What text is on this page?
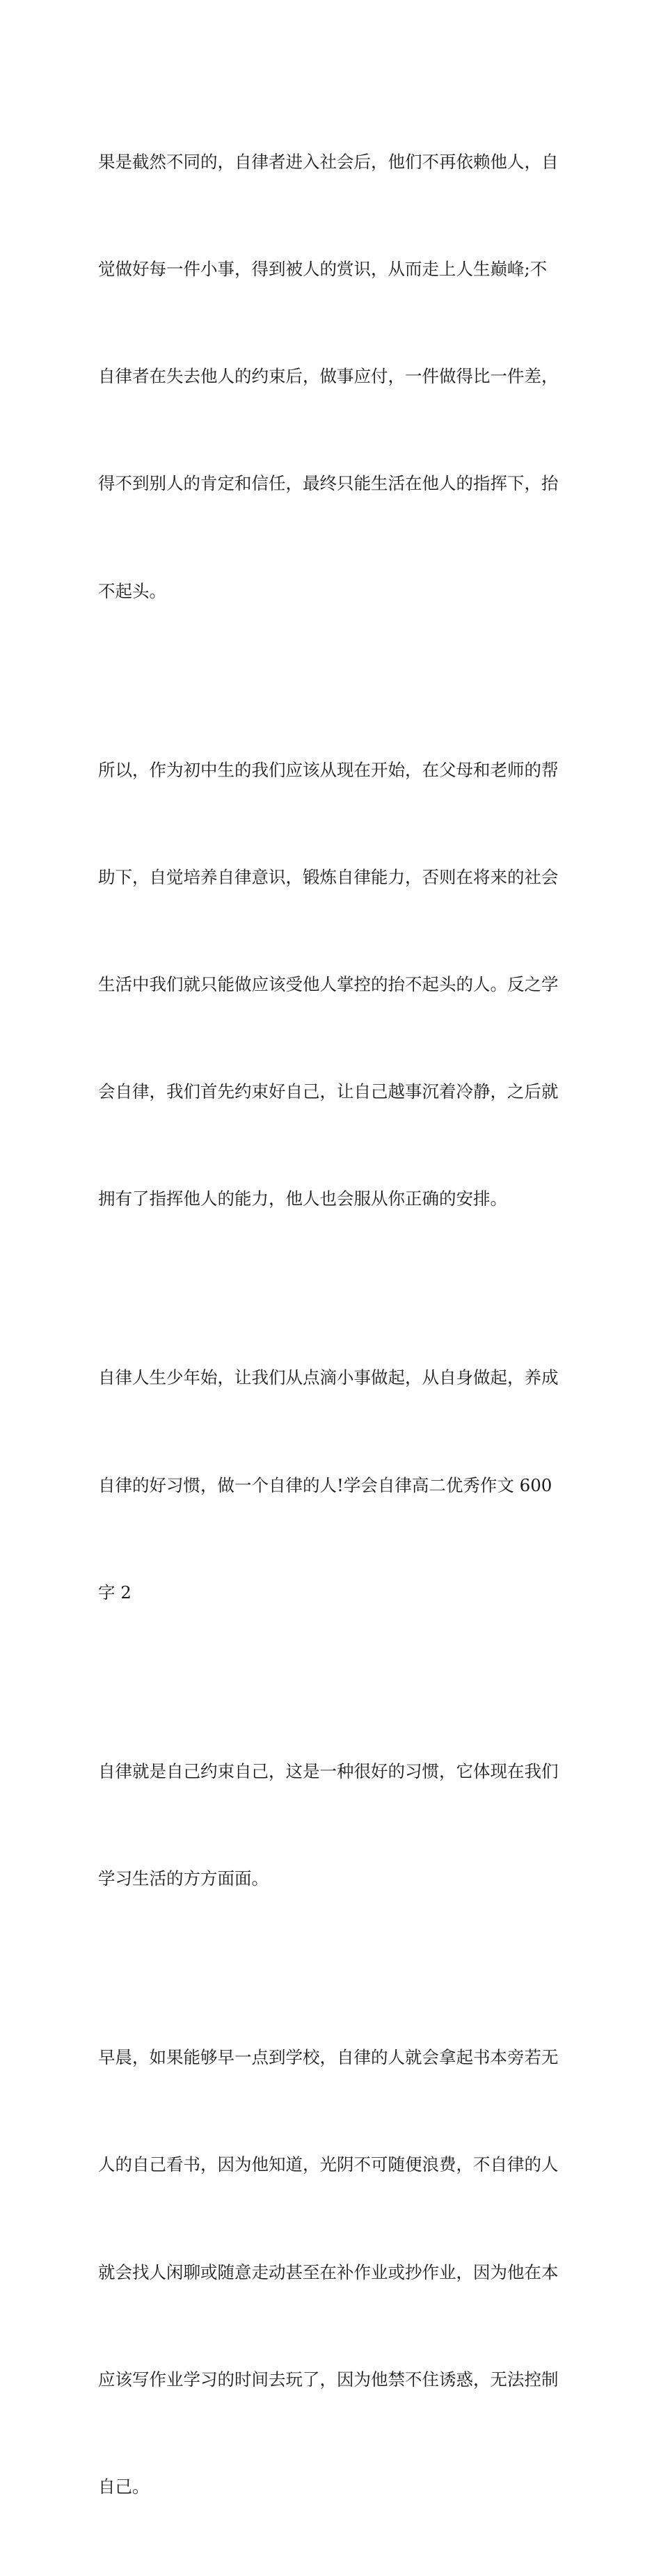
果是截然不同的，自律者进入社会后，他们不再依赖他人，自

觉做好每一件小事，得到被人的赏识，从而走上人生巅峰;不

自律者在失去他人的约束后，做事应付，一件做得比一件差，

得不到别人的肯定和信任，最终只能生活在他人的指挥下，抬

不起头。

所以，作为初中生的我们应该从现在开始，在父母和老师的帮

助下，自觉培养自律意识，锻炼自律能力，否则在将来的社会

生活中我们就只能做应该受他人掌控的抬不起头的人。反之学

会自律，我们首先约束好自己，让自己越事沉着冷静，之后就

拥有了指挥他人的能力，他人也会服从你正确的安排。

自律人生少年始，让我们从点滴小事做起，从自身做起，养成

自律的好习惯，做一个自律的人!学会自律高二优秀作文 600

字 2

自律就是自己约束自己，这是一种很好的习惯，它体现在我们

学习生活的方方面面。

早晨，如果能够早一点到学校，自律的人就会拿起书本旁若无

人的自己看书，因为他知道，光阴不可随便浪费，不自律的人

就会找人闲聊或随意走动甚至在补作业或抄作业，因为他在本

应该写作业学习的时间去玩了，因为他禁不住诱惑，无法控制

自己。
